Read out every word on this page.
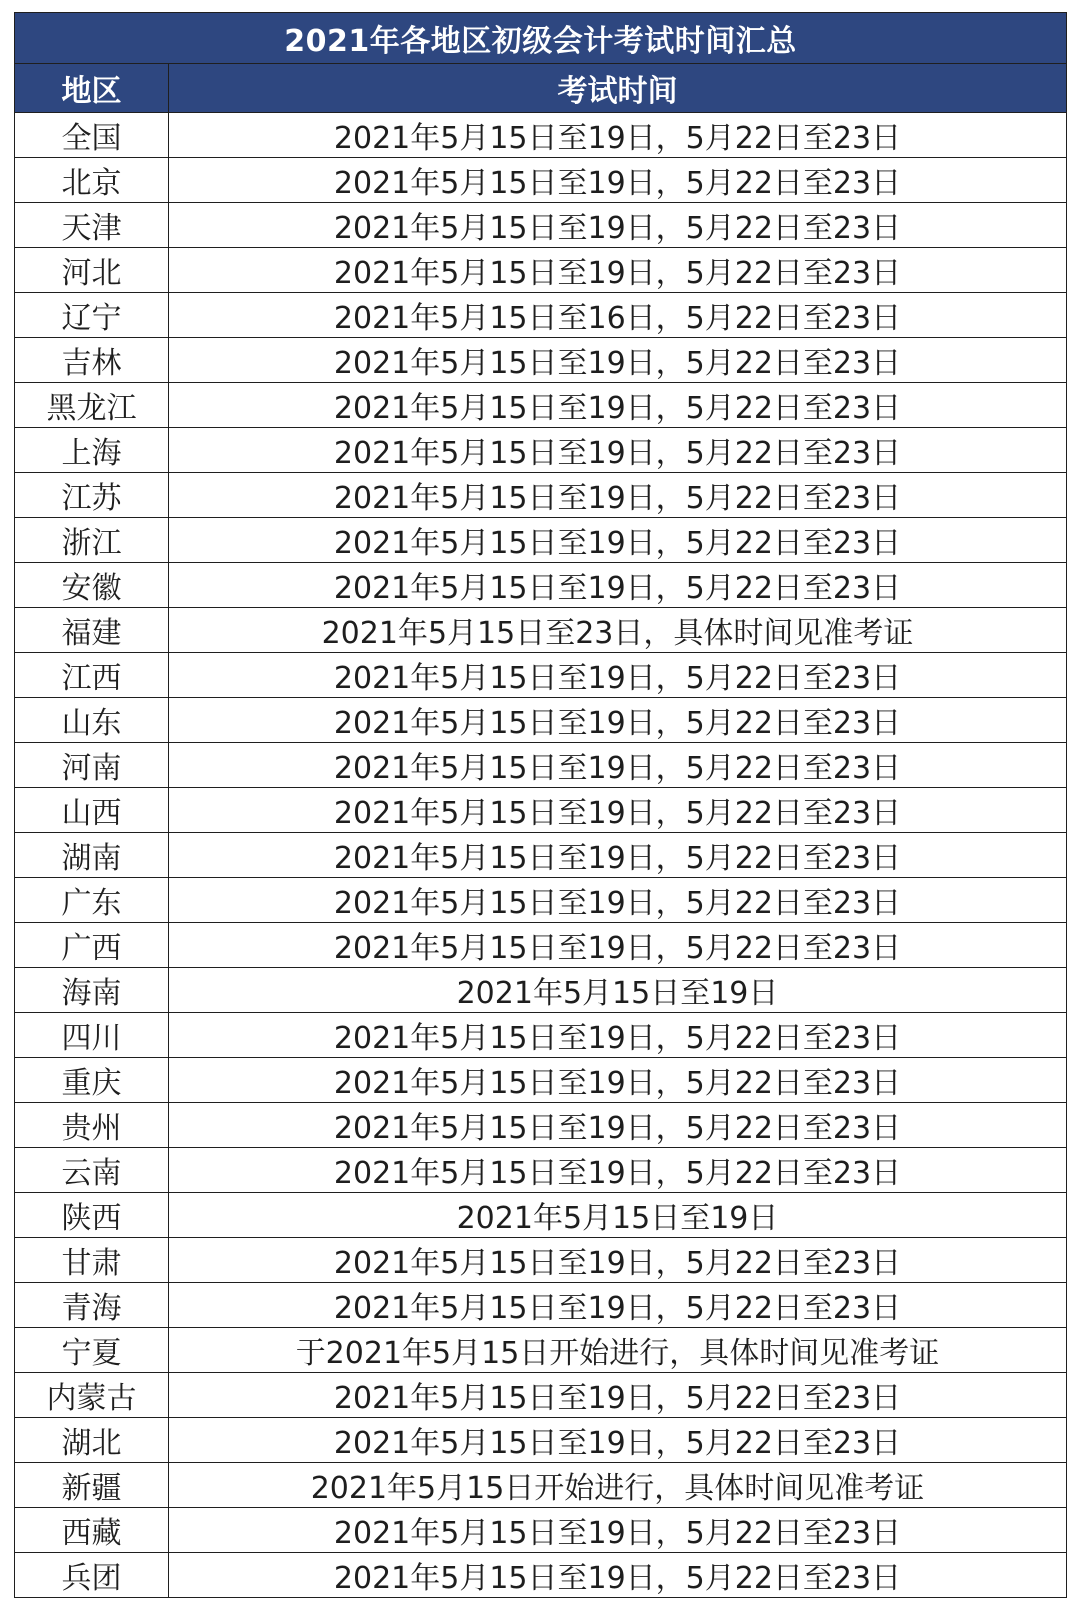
2021年各地区初级会计考试时间汇总	
地区	考试时间
全国	2021年5月15日至19日，5月22日至23日
北京	2021年5月15日至19日，5月22日至23日
天津	2021年5月15日至19日，5月22日至23日
河北	2021年5月15日至19日，5月22日至23日
辽宁	2021年5月15日至16日，5月22日至23日
吉林	2021年5月15日至19日，5月22日至23日
黑龙江	2021年5月15日至19日，5月22日至23日
上海	2021年5月15日至19日，5月22日至23日
江苏	2021年5月15日至19日，5月22日至23日
浙江	2021年5月15日至19日，5月22日至23日
安徽	2021年5月15日至19日，5月22日至23日
福建	2021年5月15日至23日，具体时间见准考证
江西	2021年5月15日至19日，5月22日至23日
山东	2021年5月15日至19日，5月22日至23日
河南	2021年5月15日至19日，5月22日至23日
山西	2021年5月15日至19日，5月22日至23日
湖南	2021年5月15日至19日，5月22日至23日
广东	2021年5月15日至19日，5月22日至23日
广西	2021年5月15日至19日，5月22日至23日
海南	2021年5月15日至19日
四川	2021年5月15日至19日，5月22日至23日
重庆	2021年5月15日至19日，5月22日至23日
贵州	2021年5月15日至19日，5月22日至23日
云南	2021年5月15日至19日，5月22日至23日
陕西	2021年5月15日至19日
甘肃	2021年5月15日至19日，5月22日至23日
青海	2021年5月15日至19日，5月22日至23日
宁夏	于2021年5月15日开始进行，具体时间见准考证
内蒙古	2021年5月15日至19日，5月22日至23日
湖北	2021年5月15日至19日，5月22日至23日
新疆	2021年5月15日开始进行，具体时间见准考证
西藏	2021年5月15日至19日，5月22日至23日
兵团	2021年5月15日至19日，5月22日至23日
